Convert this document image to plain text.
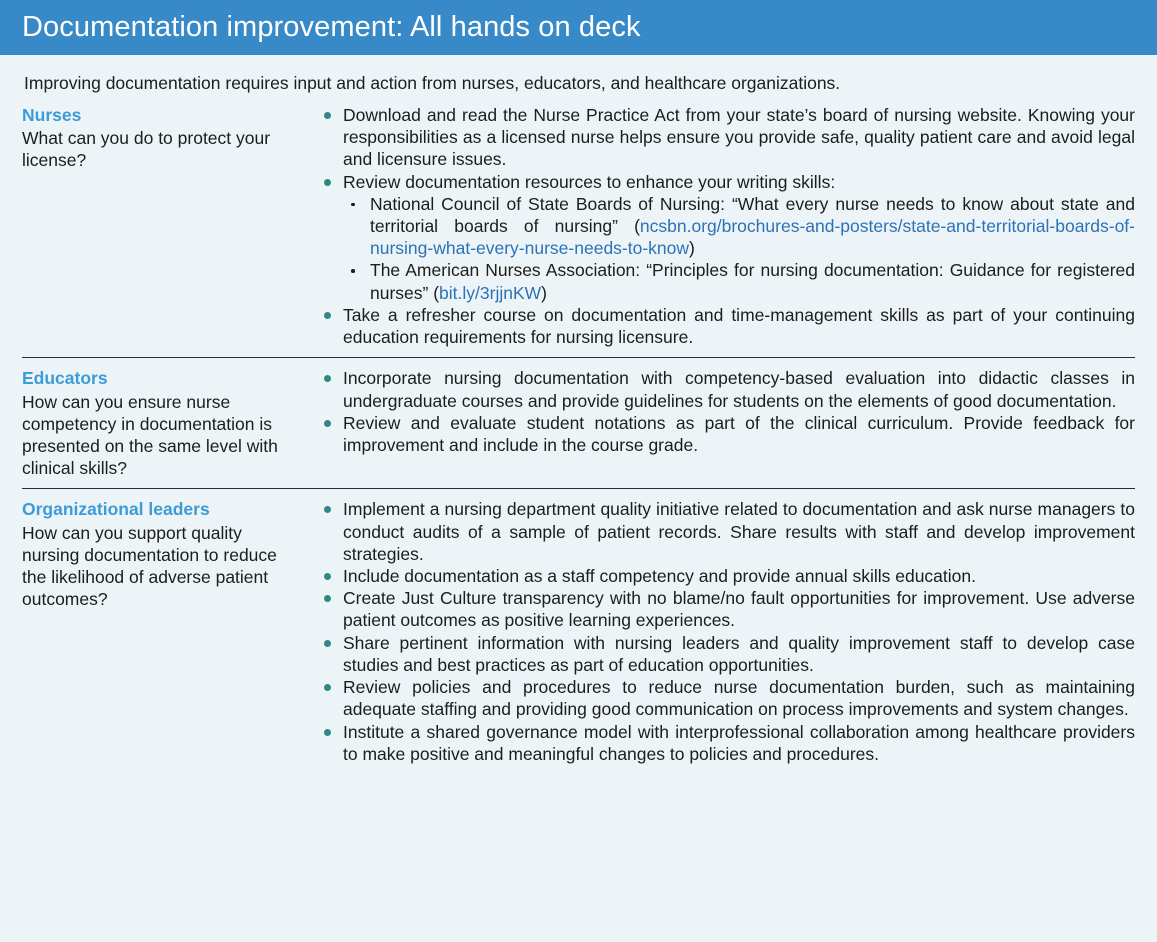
Documentation improvement: All hands on deck
Improving documentation requires input and action from nurses, educators, and healthcare organizations.
Nurses
What can you do to protect your license?
Download and read the Nurse Practice Act from your state’s board of nursing website. Knowing your responsibilities as a licensed nurse helps ensure you provide safe, quality patient care and avoid legal and licensure issues.
Review documentation resources to enhance your writing skills:
National Council of State Boards of Nursing: “What every nurse needs to know about state and territorial boards of nursing” (ncsbn.org/brochures-and-posters/state-and-territorial-boards-of-nursing-what-every-nurse-needs-to-know)
The American Nurses Association: “Principles for nursing documentation: Guidance for registered nurses” (bit.ly/3rjjnKW)
Take a refresher course on documentation and time-management skills as part of your continuing education requirements for nursing licensure.
Educators
How can you ensure nurse competency in documentation is presented on the same level with clinical skills?
Incorporate nursing documentation with competency-based evaluation into didactic classes in undergraduate courses and provide guidelines for students on the elements of good documentation.
Review and evaluate student notations as part of the clinical curriculum. Provide feedback for improvement and include in the course grade.
Organizational leaders
How can you support quality nursing documentation to reduce the likelihood of adverse patient outcomes?
Implement a nursing department quality initiative related to documentation and ask nurse managers to conduct audits of a sample of patient records. Share results with staff and develop improvement strategies.
Include documentation as a staff competency and provide annual skills education.
Create Just Culture transparency with no blame/no fault opportunities for improvement. Use adverse patient outcomes as positive learning experiences.
Share pertinent information with nursing leaders and quality improvement staff to develop case studies and best practices as part of education opportunities.
Review policies and procedures to reduce nurse documentation burden, such as maintaining adequate staffing and providing good communication on process improvements and system changes.
Institute a shared governance model with interprofessional collaboration among healthcare providers to make positive and meaningful changes to policies and procedures.
